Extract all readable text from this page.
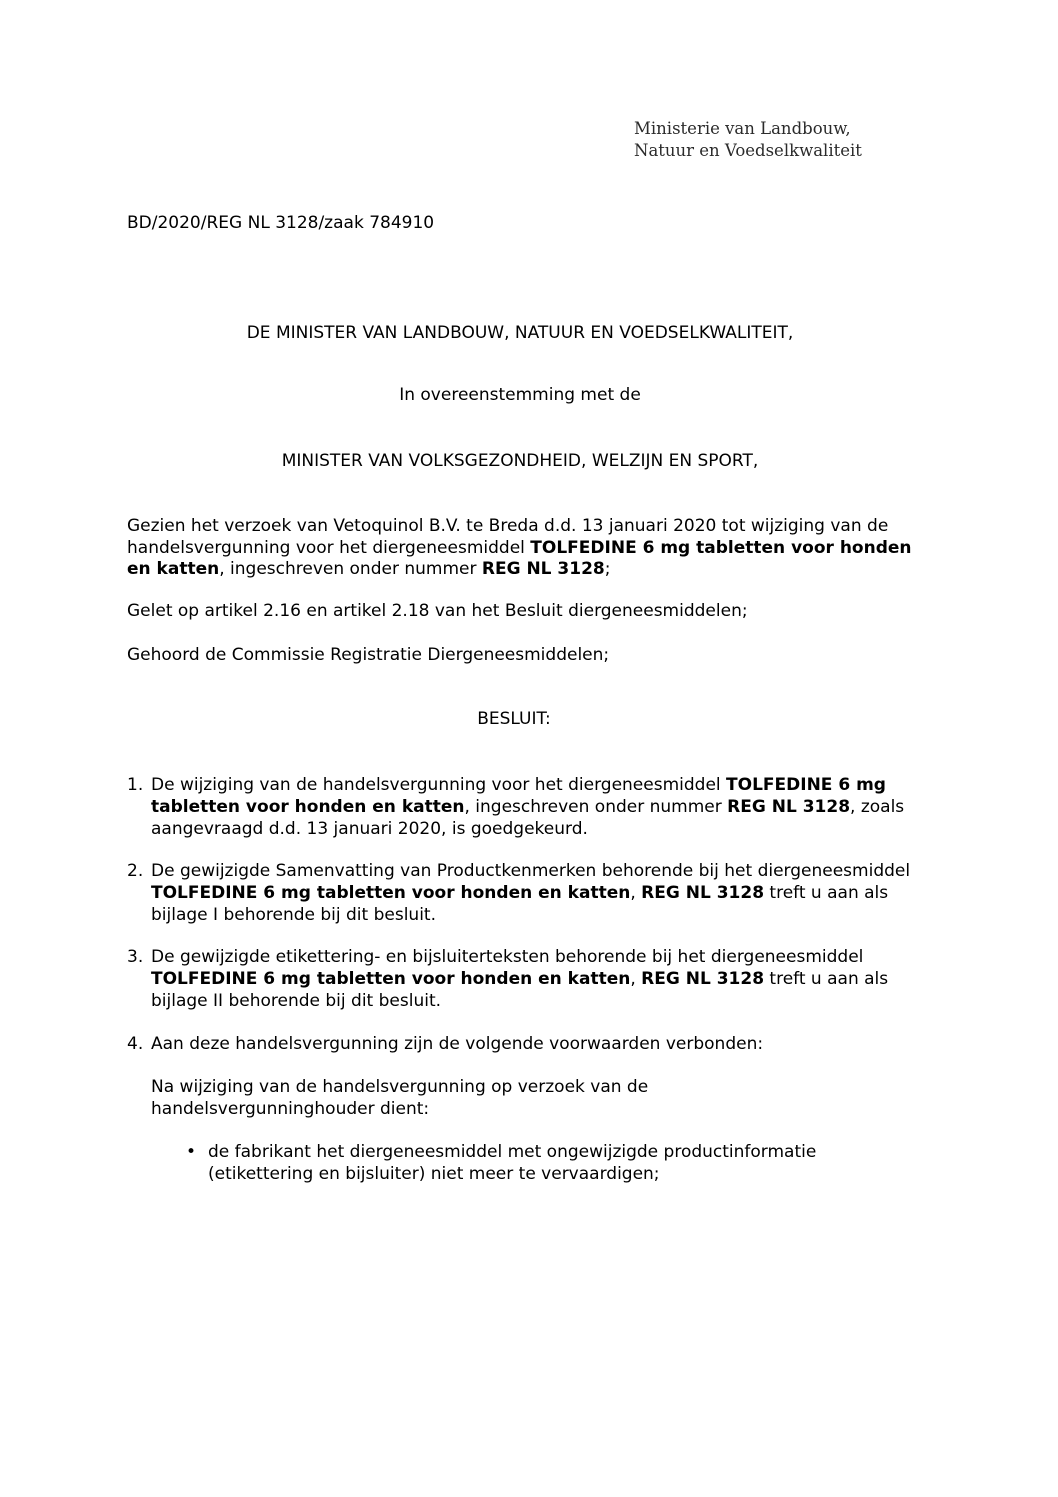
Ministerie van Landbouw,
Natuur en Voedselkwaliteit
BD/2020/REG NL 3128/zaak 784910
DE MINISTER VAN LANDBOUW, NATUUR EN VOEDSELKWALITEIT,
In overeenstemming met de
MINISTER VAN VOLKSGEZONDHEID, WELZIJN EN SPORT,
Gezien het verzoek van Vetoquinol B.V. te Breda d.d. 13 januari 2020 tot wijziging van de handelsvergunning voor het diergeneesmiddel TOLFEDINE 6 mg tabletten voor honden en katten, ingeschreven onder nummer REG NL 3128;
Gelet op artikel 2.16 en artikel 2.18 van het Besluit diergeneesmiddelen;
Gehoord de Commissie Registratie Diergeneesmiddelen;
BESLUIT:
1. De wijziging van de handelsvergunning voor het diergeneesmiddel TOLFEDINE 6 mg tabletten voor honden en katten, ingeschreven onder nummer REG NL 3128, zoals aangevraagd d.d. 13 januari 2020, is goedgekeurd.
2. De gewijzigde Samenvatting van Productkenmerken behorende bij het diergeneesmiddel TOLFEDINE 6 mg tabletten voor honden en katten, REG NL 3128 treft u aan als bijlage I behorende bij dit besluit.
3. De gewijzigde etikettering- en bijsluiterteksten behorende bij het diergeneesmiddel TOLFEDINE 6 mg tabletten voor honden en katten, REG NL 3128 treft u aan als bijlage II behorende bij dit besluit.
4. Aan deze handelsvergunning zijn de volgende voorwaarden verbonden:
Na wijziging van de handelsvergunning op verzoek van de handelsvergunninghouder dient:
• de fabrikant het diergeneesmiddel met ongewijzigde productinformatie (etikettering en bijsluiter) niet meer te vervaardigen;
